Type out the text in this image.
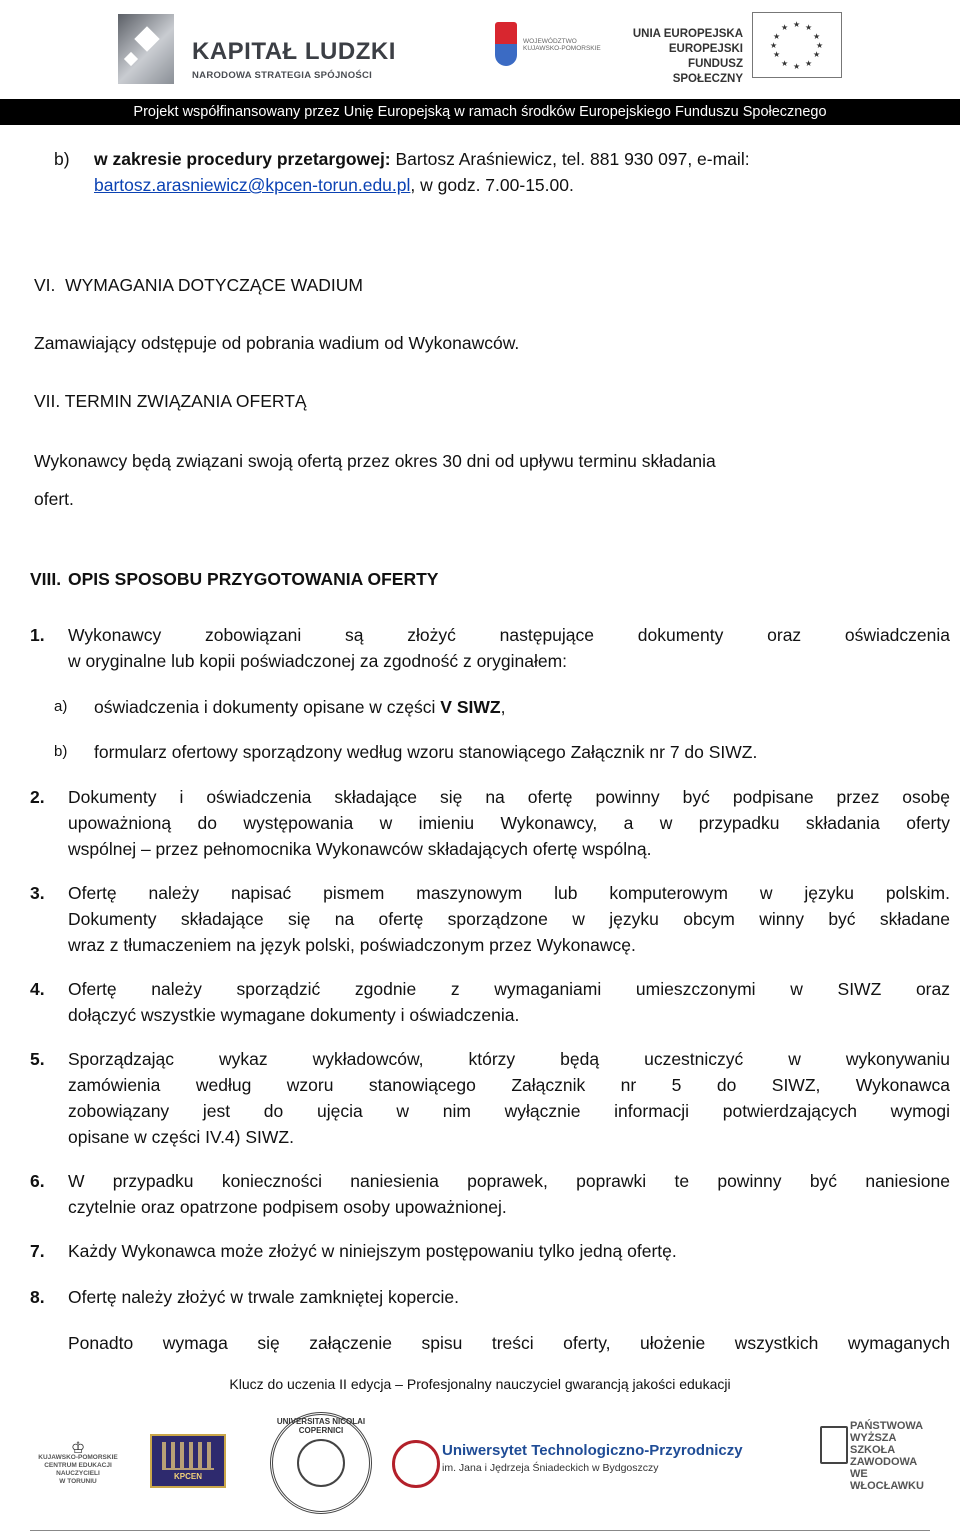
KAPITAŁ LUDZKI
NARODOWA STRATEGIA SPÓJNOŚCI
WOJEWÓDZTWO
KUJAWSKO-POMORSKIE
UNIA EUROPEJSKA
EUROPEJSKI
FUNDUSZ SPOŁECZNY
★ ★
★
★
★
★
★
★
★
★
★
★
Projekt współfinansowany przez Unię Europejską w ramach środków Europejskiego Funduszu Społecznego
b) w zakresie procedury przetargowej: Bartosz Araśniewicz, tel. 881 930 097, e-mail:
bartosz.arasniewicz@kpcen-torun.edu.pl, w godz. 7.00-15.00.
VI.  WYMAGANIA DOTYCZĄCE WADIUM
Zamawiający odstępuje od pobrania wadium od Wykonawców.
VII. TERMIN ZWIĄZANIA OFERTĄ
Wykonawcy będą związani swoją ofertą przez okres 30 dni od upływu terminu składania
ofert.
VIII. OPIS SPOSOBU PRZYGOTOWANIA OFERTY
1. Wykonawcy zobowiązani są złożyć następujące dokumenty oraz oświadczenia
w oryginalne lub kopii poświadczonej za zgodność z oryginałem:
a) oświadczenia i dokumenty opisane w części V SIWZ,
b) formularz ofertowy sporządzony według wzoru stanowiącego Załącznik nr 7 do SIWZ.
2. Dokumenty i oświadczenia składające się na ofertę powinny być podpisane przez osobę
upoważnioną do występowania w imieniu Wykonawcy, a w przypadku składania oferty
wspólnej – przez pełnomocnika Wykonawców składających ofertę wspólną.
3. Ofertę należy napisać pismem maszynowym lub komputerowym w języku polskim.
Dokumenty składające się na ofertę sporządzone w języku obcym winny być składane
wraz z tłumaczeniem na język polski, poświadczonym przez Wykonawcę.
4. Ofertę należy sporządzić zgodnie z wymaganiami umieszczonymi w SIWZ oraz
dołączyć wszystkie wymagane dokumenty i oświadczenia.
5. Sporządzając wykaz wykładowców, którzy będą uczestniczyć w wykonywaniu
zamówienia według wzoru stanowiącego Załącznik nr 5 do SIWZ, Wykonawca
zobowiązany jest do ujęcia w nim wyłącznie informacji potwierdzających wymogi
opisane w części IV.4) SIWZ.
6. W przypadku konieczności naniesienia poprawek, poprawki te powinny być naniesione
czytelnie oraz opatrzone podpisem osoby upoważnionej.
7. Każdy Wykonawca może złożyć w niniejszym postępowaniu tylko jedną ofertę.
8. Ofertę należy złożyć w trwale zamkniętej kopercie.
Ponadto wymaga się załączenie spisu treści oferty, ułożenie wszystkich wymaganych
Klucz do uczenia II edycja – Profesjonalny nauczyciel gwarancją jakości edukacji
♔
KUJAWSKO-POMORSKIE
CENTRUM EDUKACJI
NAUCZYCIELI
W TORUNIU
KPCEN
UNIVERSITAS NICOLAI COPERNICI
Uniwersytet Technologiczno-Przyrodniczy
im. Jana i Jędrzeja Śniadeckich w Bydgoszczy
PAŃSTWOWA
WYŻSZA
SZKOŁA
ZAWODOWA
WE WŁOCŁAWKU
